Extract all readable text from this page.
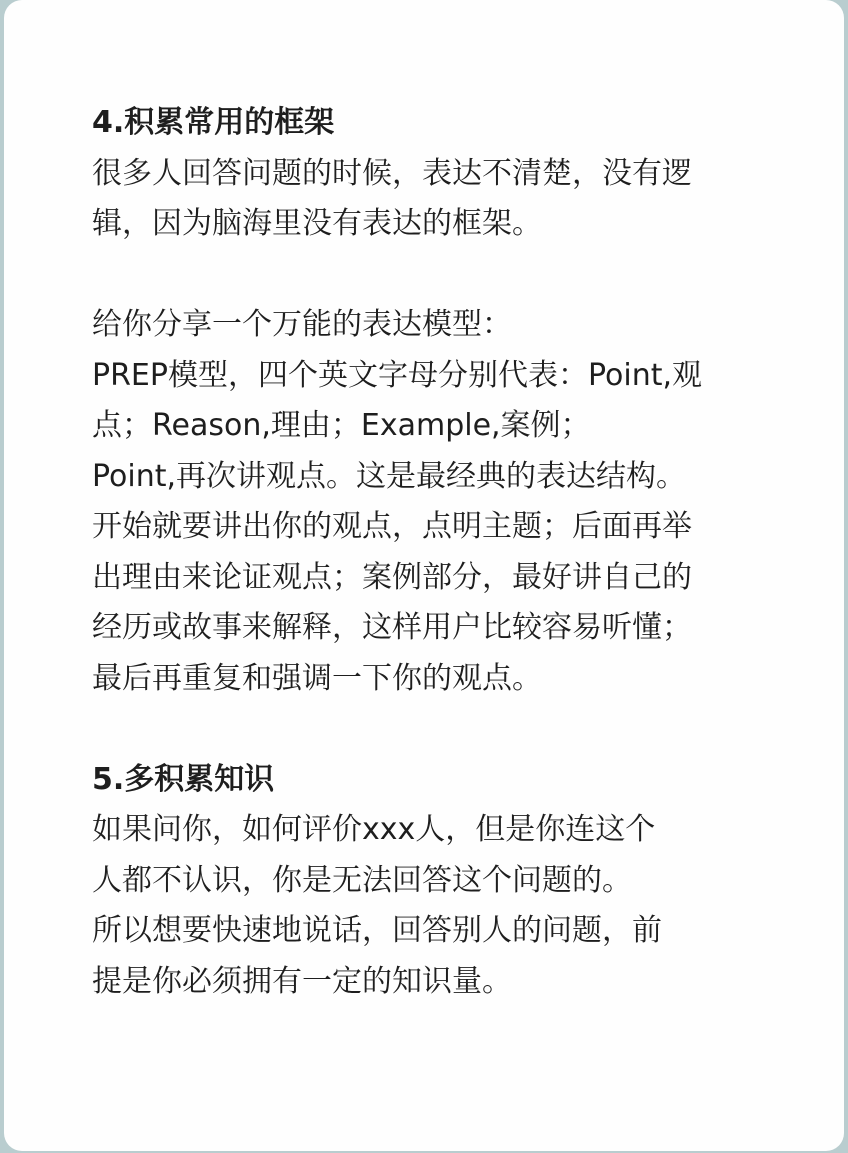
4.积累常用的框架
很多人回答问题的时候，表达不清楚，没有逻
辑，因为脑海里没有表达的框架。
给你分享一个万能的表达模型：
PREP模型，四个英文字母分别代表：Point,观
点；Reason,理由；Example,案例；
Point,再次讲观点。这是最经典的表达结构。
开始就要讲出你的观点，点明主题；后面再举
出理由来论证观点；案例部分，最好讲自己的
经历或故事来解释，这样用户比较容易听懂；
最后再重复和强调一下你的观点。
5.多积累知识
如果问你，如何评价xxx人，但是你连这个
人都不认识，你是无法回答这个问题的。
所以想要快速地说话，回答别人的问题，前
提是你必须拥有一定的知识量。
